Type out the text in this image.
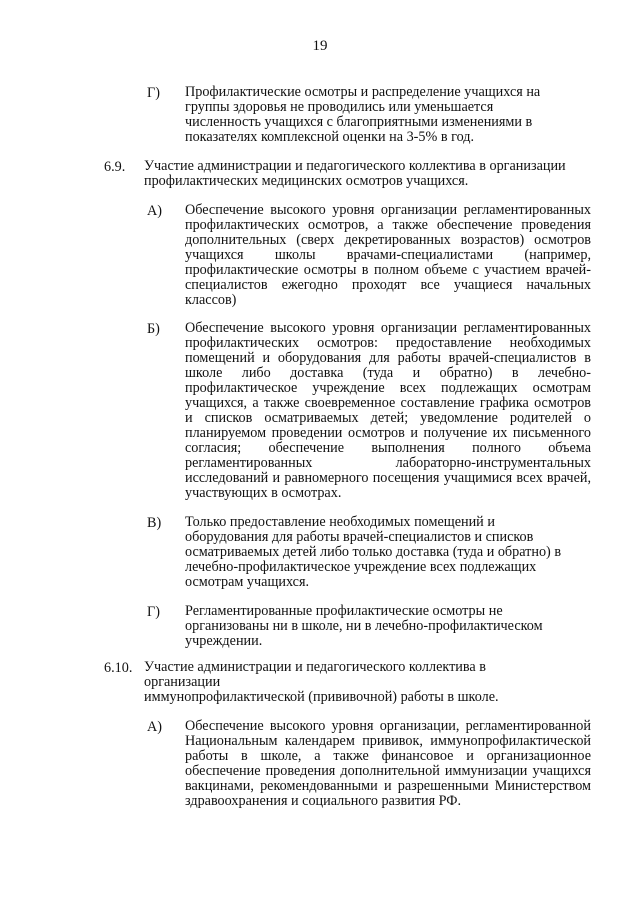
19
Г) Профилактические осмотры и распределение учащихся на
группы здоровья не проводились или уменьшается
численность учащихся с благоприятными изменениями в
показателях комплексной оценки на 3-5% в год.
6.9. Участие администрации и педагогического коллектива в организации
профилактических медицинских осмотров учащихся.
А) Обеспечение высокого уровня организации регламентированных профилактических осмотров, а также обеспечение проведения дополнительных (сверх декретированных возрастов) осмотров учащихся школы врачами-специалистами (например, профилактические осмотры в полном объеме с участием врачей-специалистов ежегодно проходят все учащиеся начальных классов)
Б) Обеспечение высокого уровня организации регламентированных профилактических осмотров: предоставление необходимых помещений и оборудования для работы врачей-специалистов в школе либо доставка (туда и обратно) в лечебно-профилактическое учреждение всех подлежащих осмотрам учащихся, а также своевременное составление графика осмотров и списков осматриваемых детей; уведомление родителей о планируемом проведении осмотров и получение их письменного согласия; обеспечение выполнения полного объема регламентированных лабораторно-инструментальных исследований и равномерного посещения учащимися всех врачей, участвующих в осмотрах.
В) Только предоставление необходимых помещений и
оборудования для работы врачей-специалистов и списков
осматриваемых детей либо только доставка (туда и обратно) в
лечебно-профилактическое учреждение всех подлежащих
осмотрам учащихся.
Г) Регламентированные профилактические осмотры не
организованы ни в школе, ни в лечебно-профилактическом
учреждении.
6.10. Участие администрации и педагогического коллектива в
организации
иммунопрофилактической (прививочной) работы в школе.
А) Обеспечение высокого уровня организации, регламентированной Национальным календарем прививок, иммунопрофилактической работы в школе, а также финансовое и организационное обеспечение проведения дополнительной иммунизации учащихся вакцинами, рекомендованными и разрешенными Министерством здравоохранения и социального развития РФ.
